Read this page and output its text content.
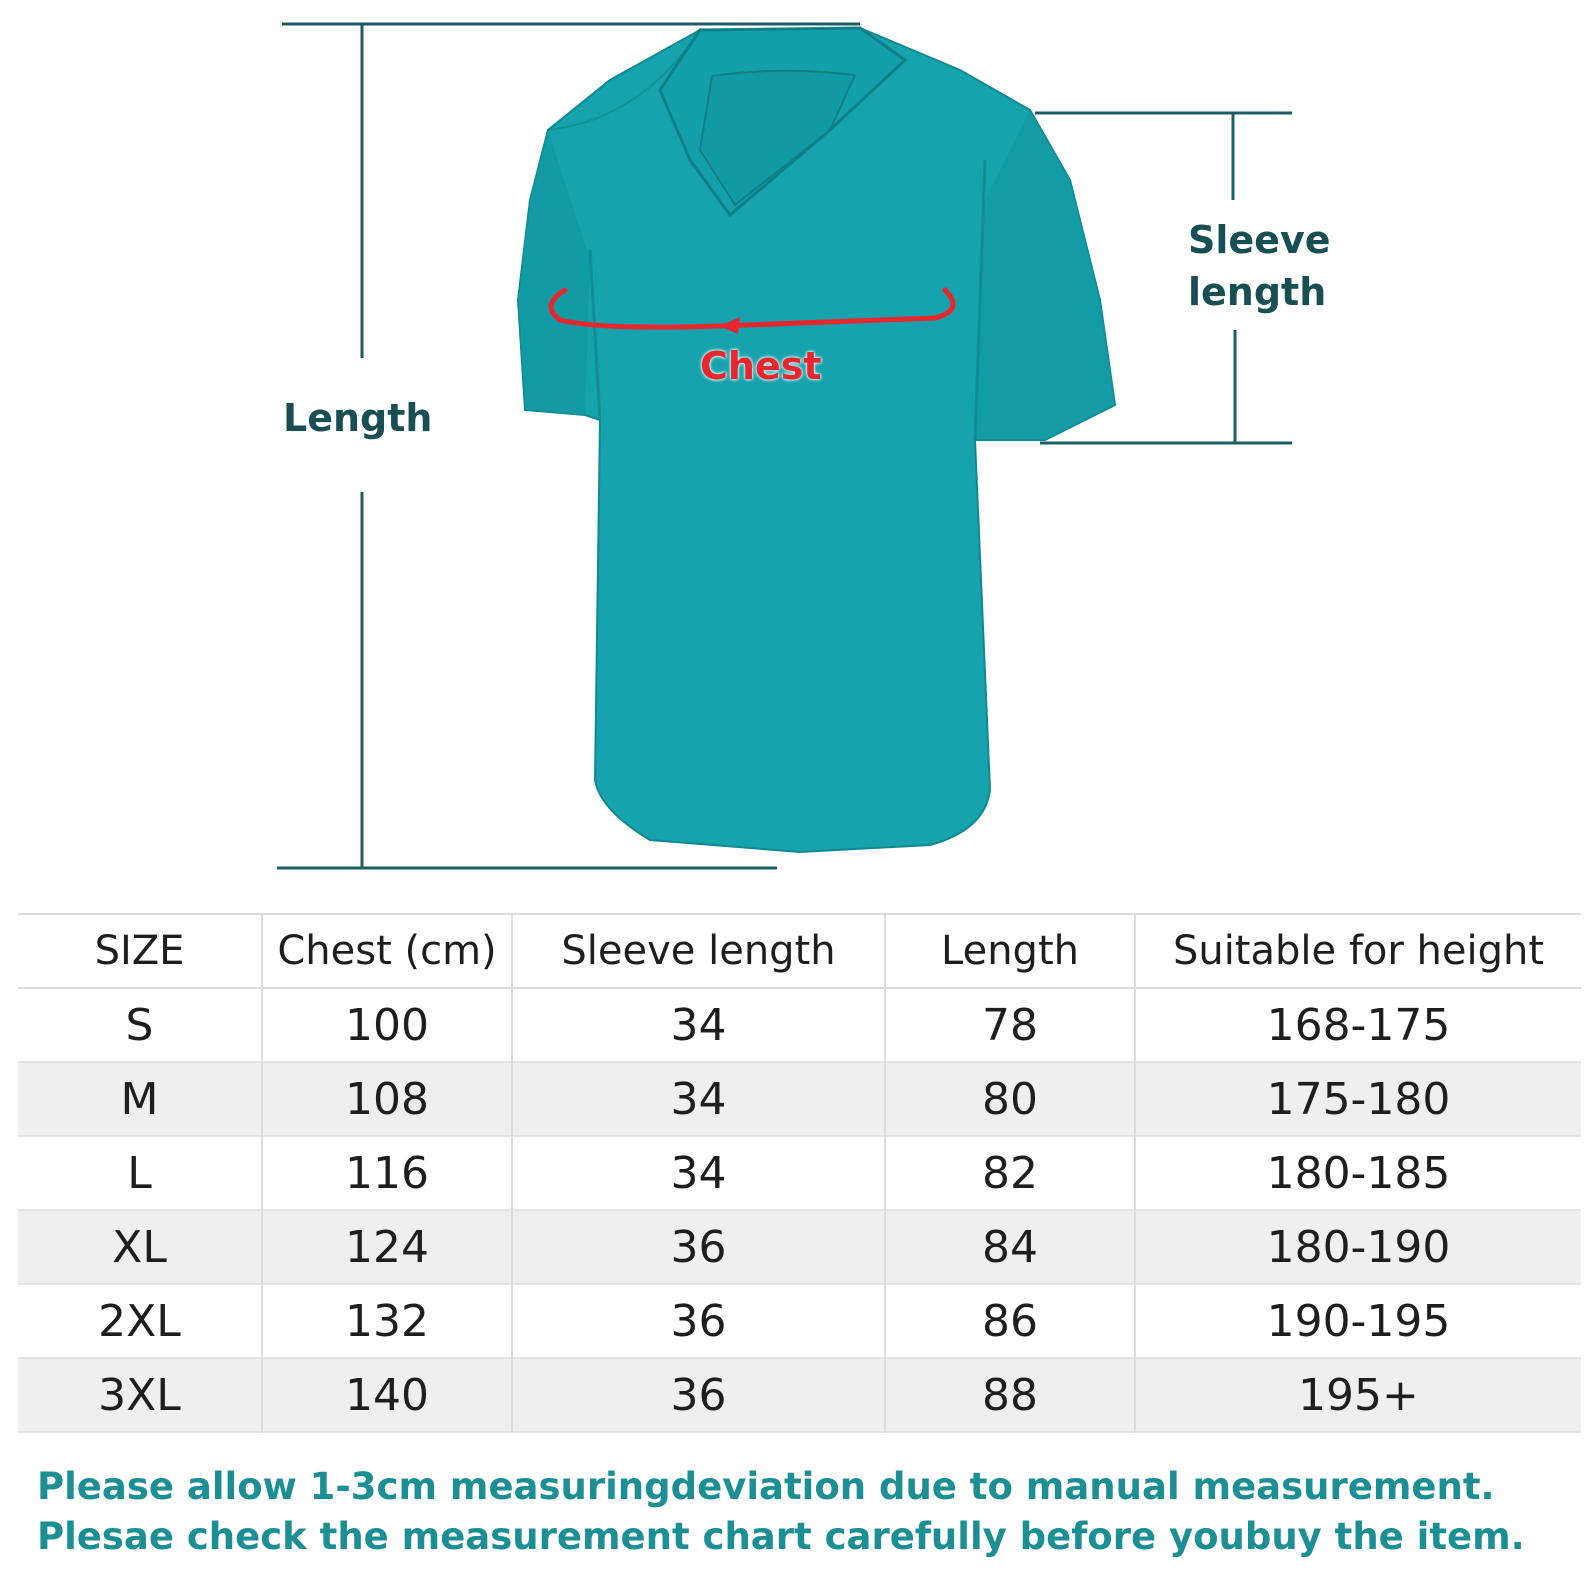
Length
Sleeve
length
Chest
SIZE	Chest (cm)	Sleeve length	Length	Suitable for height
S	100	34	78	168-175
M	108	34	80	175-180
L	116	34	82	180-185
XL	124	36	84	180-190
2XL	132	36	86	190-195
3XL	140	36	88	195+
Please allow 1-3cm measuringdeviation due to manual measurement.
Plesae check the measurement chart carefully before youbuy the item.
